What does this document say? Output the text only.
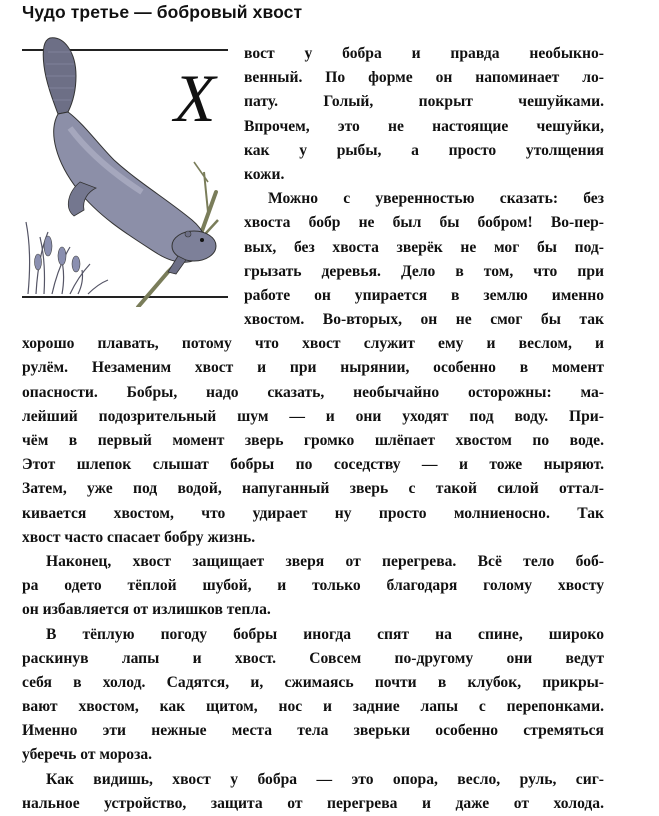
Чудо третье — бобровый хвост
Х
вост у бобра и правда необыкно-
венный. По форме он напоминает ло-
пату. Голый, покрыт чешуйками.
Впрочем, это не настоящие чешуйки,
как у рыбы, а просто утолщения
кожи.
Можно с уверенностью сказать: без
хвоста бобр не был бы бобром! Во-пер-
вых, без хвоста зверёк не мог бы под-
грызать деревья. Дело в том, что при
работе он упирается в землю именно
хвостом. Во-вторых, он не смог бы так
хорошо плавать, потому что хвост служит ему и веслом, и
рулём. Незаменим хвост и при нырянии, особенно в момент
опасности. Бобры, надо сказать, необычайно осторожны: ма-
лейший подозрительный шум — и они уходят под воду. При-
чём в первый момент зверь громко шлёпает хвостом по воде.
Этот шлепок слышат бобры по соседству — и тоже ныряют.
Затем, уже под водой, напуганный зверь с такой силой оттал-
кивается хвостом, что удирает ну просто молниеносно. Так
хвост часто спасает бобру жизнь.
Наконец, хвост защищает зверя от перегрева. Всё тело боб-
ра одето тёплой шубой, и только благодаря голому хвосту
он избавляется от излишков тепла.
В тёплую погоду бобры иногда спят на спине, широко
раскинув лапы и хвост. Совсем по-другому они ведут
себя в холод. Садятся, и, сжимаясь почти в клубок, прикры-
вают хвостом, как щитом, нос и задние лапы с перепонками.
Именно эти нежные места тела зверьки особенно стремяться
уберечь от мороза.
Как видишь, хвост у бобра — это опора, весло, руль, сиг-
нальное устройство, защита от перегрева и даже от холода.
